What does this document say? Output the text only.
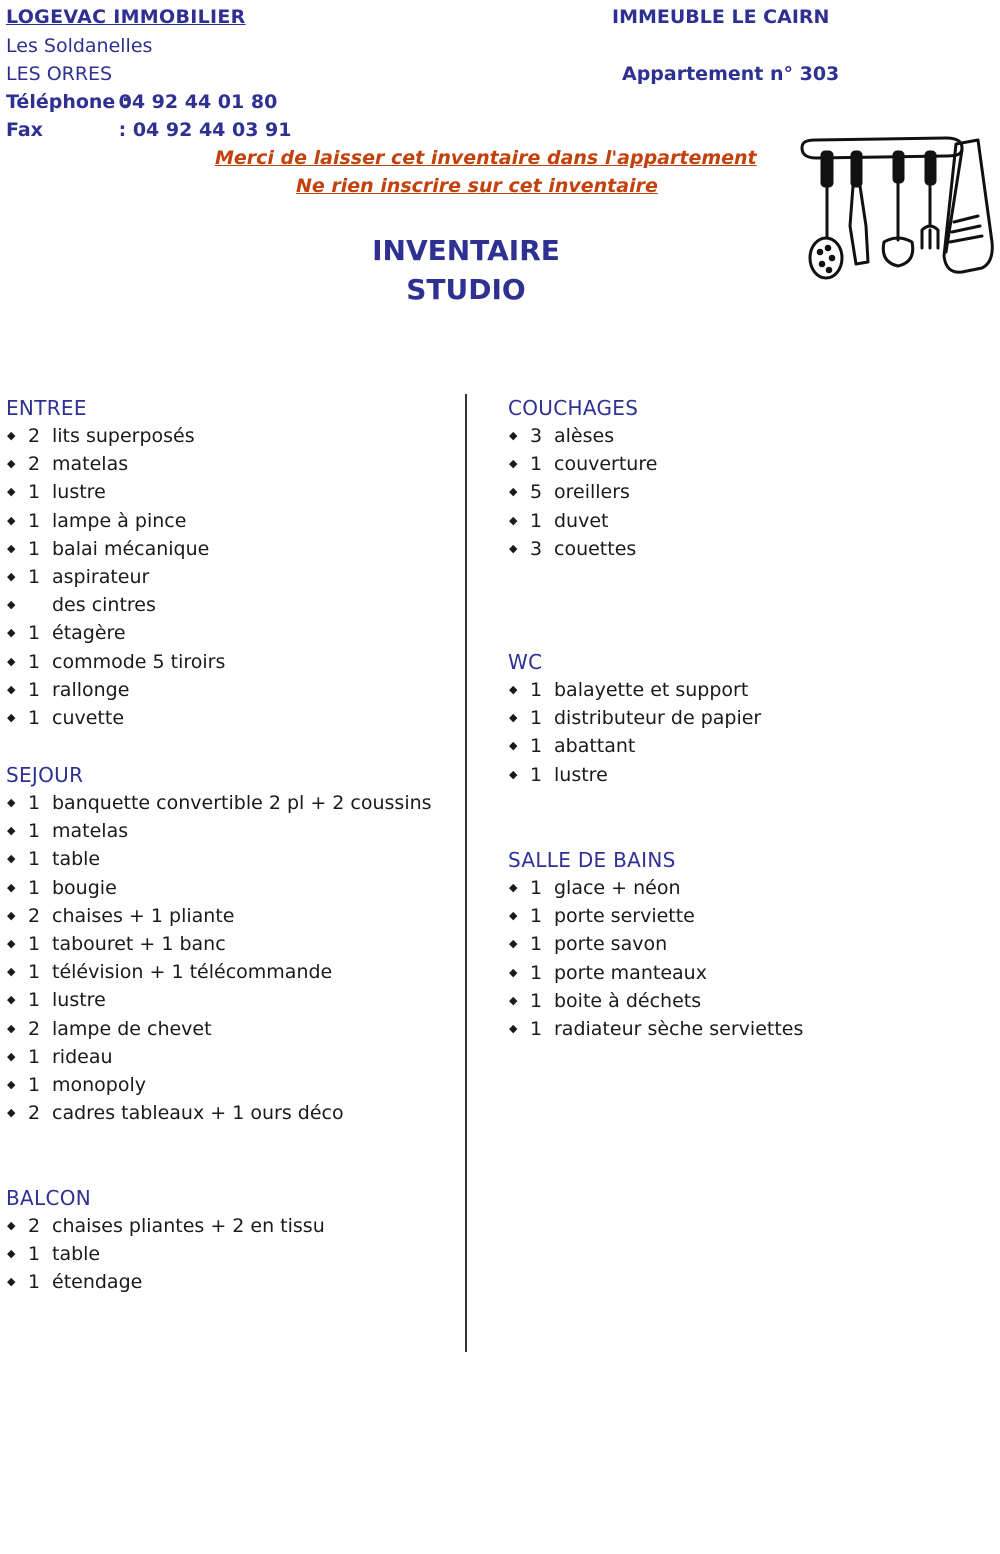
LOGEVAC IMMOBILIER
Les Soldanelles
LES ORRES
Téléphone : 04 92 44 01 80
Fax	: 04 92 44 03 91
IMMEUBLE LE CAIRN
Appartement n° 303
Merci de laisser cet inventaire dans l'appartement
Ne rien inscrire sur cet inventaire
INVENTAIRE
STUDIO
ENTREE
◆ 2 lits superposés
◆ 2 matelas
◆ 1 lustre
◆ 1 lampe à pince
◆ 1 balai mécanique
◆ 1 aspirateur
◆ des cintres
◆ 1 étagère
◆ 1 commode 5 tiroirs
◆ 1 rallonge
◆ 1 cuvette
SEJOUR
◆ 1 banquette convertible 2 pl + 2 coussins
◆ 1 matelas
◆ 1 table
◆ 1 bougie
◆ 2 chaises + 1 pliante
◆ 1 tabouret + 1 banc
◆ 1 télévision + 1 télécommande
◆ 1 lustre
◆ 2 lampe de chevet
◆ 1 rideau
◆ 1 monopoly
◆ 2 cadres tableaux + 1 ours déco
BALCON
◆ 2 chaises pliantes + 2 en tissu
◆ 1 table
◆ 1 étendage
COUCHAGES
◆ 3 alèses
◆ 1 couverture
◆ 5 oreillers
◆ 1 duvet
◆ 3 couettes
WC
◆ 1 balayette et support
◆ 1 distributeur de papier
◆ 1 abattant
◆ 1 lustre
SALLE DE BAINS
◆ 1 glace + néon
◆ 1 porte serviette
◆ 1 porte savon
◆ 1 porte manteaux
◆ 1 boite à déchets
◆ 1 radiateur sèche serviettes
